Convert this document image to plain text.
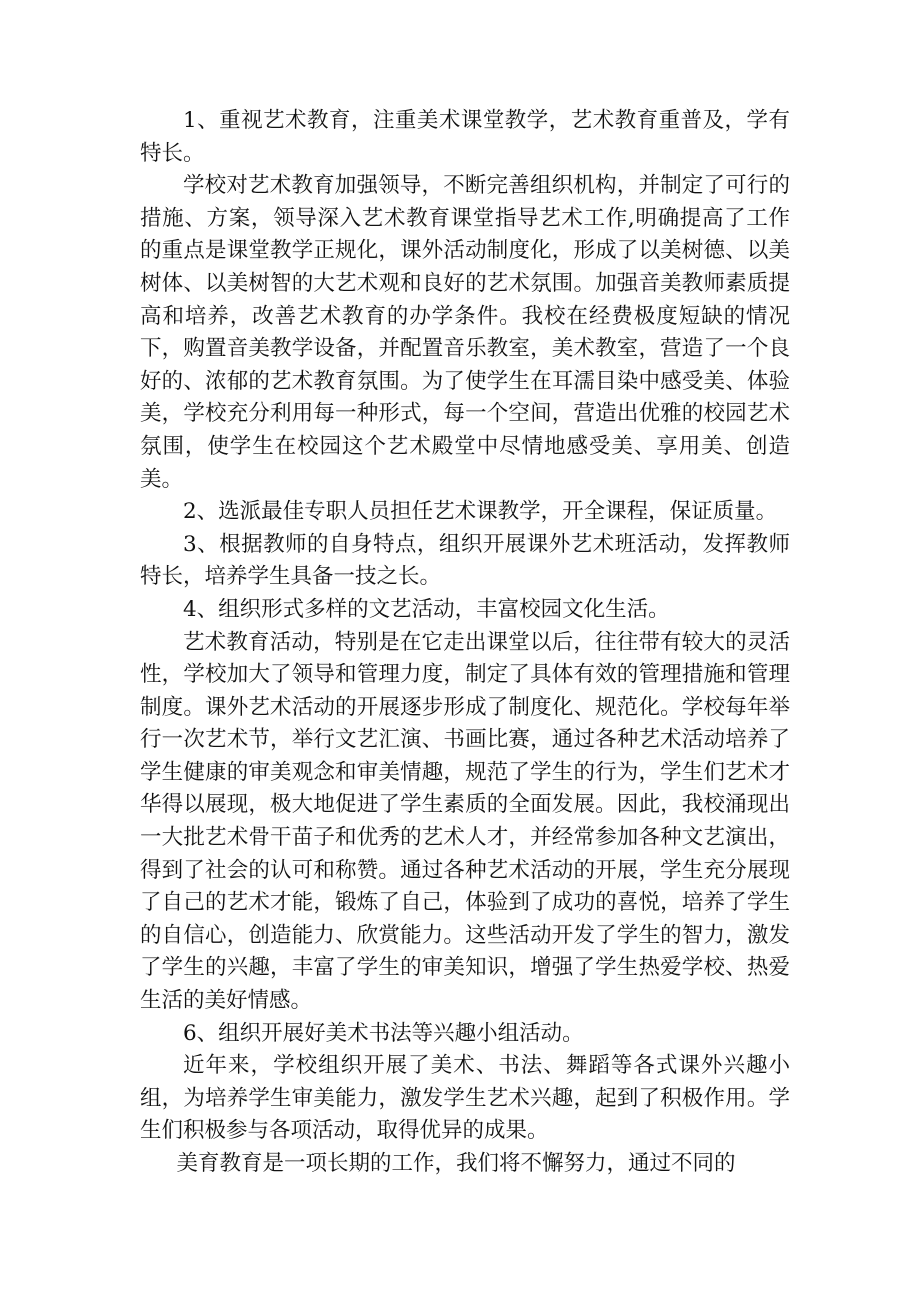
1、重视艺术教育，注重美术课堂教学，艺术教育重普及，学有特长。

学校对艺术教育加强领导，不断完善组织机构，并制定了可行的措施、方案，领导深入艺术教育课堂指导艺术工作,明确提高了工作的重点是课堂教学正规化，课外活动制度化，形成了以美树德、以美树体、以美树智的大艺术观和良好的艺术氛围。加强音美教师素质提高和培养，改善艺术教育的办学条件。我校在经费极度短缺的情况下，购置音美教学设备，并配置音乐教室，美术教室，营造了一个良好的、浓郁的艺术教育氛围。为了使学生在耳濡目染中感受美、体验美，学校充分利用每一种形式，每一个空间，营造出优雅的校园艺术氛围，使学生在校园这个艺术殿堂中尽情地感受美、享用美、创造美。

2、选派最佳专职人员担任艺术课教学，开全课程，保证质量。

3、根据教师的自身特点，组织开展课外艺术班活动，发挥教师特长，培养学生具备一技之长。

4、组织形式多样的文艺活动，丰富校园文化生活。

艺术教育活动，特别是在它走出课堂以后，往往带有较大的灵活性，学校加大了领导和管理力度，制定了具体有效的管理措施和管理制度。课外艺术活动的开展逐步形成了制度化、规范化。学校每年举行一次艺术节，举行文艺汇演、书画比赛，通过各种艺术活动培养了学生健康的审美观念和审美情趣，规范了学生的行为，学生们艺术才华得以展现，极大地促进了学生素质的全面发展。因此，我校涌现出一大批艺术骨干苗子和优秀的艺术人才，并经常参加各种文艺演出，得到了社会的认可和称赞。通过各种艺术活动的开展，学生充分展现了自己的艺术才能，锻炼了自己，体验到了成功的喜悦，培养了学生的自信心，创造能力、欣赏能力。这些活动开发了学生的智力，激发了学生的兴趣，丰富了学生的审美知识，增强了学生热爱学校、热爱生活的美好情感。

6、组织开展好美术书法等兴趣小组活动。

近年来，学校组织开展了美术、书法、舞蹈等各式课外兴趣小组，为培养学生审美能力，激发学生艺术兴趣，起到了积极作用。学生们积极参与各项活动，取得优异的成果。

美育教育是一项长期的工作，我们将不懈努力，通过不同的
